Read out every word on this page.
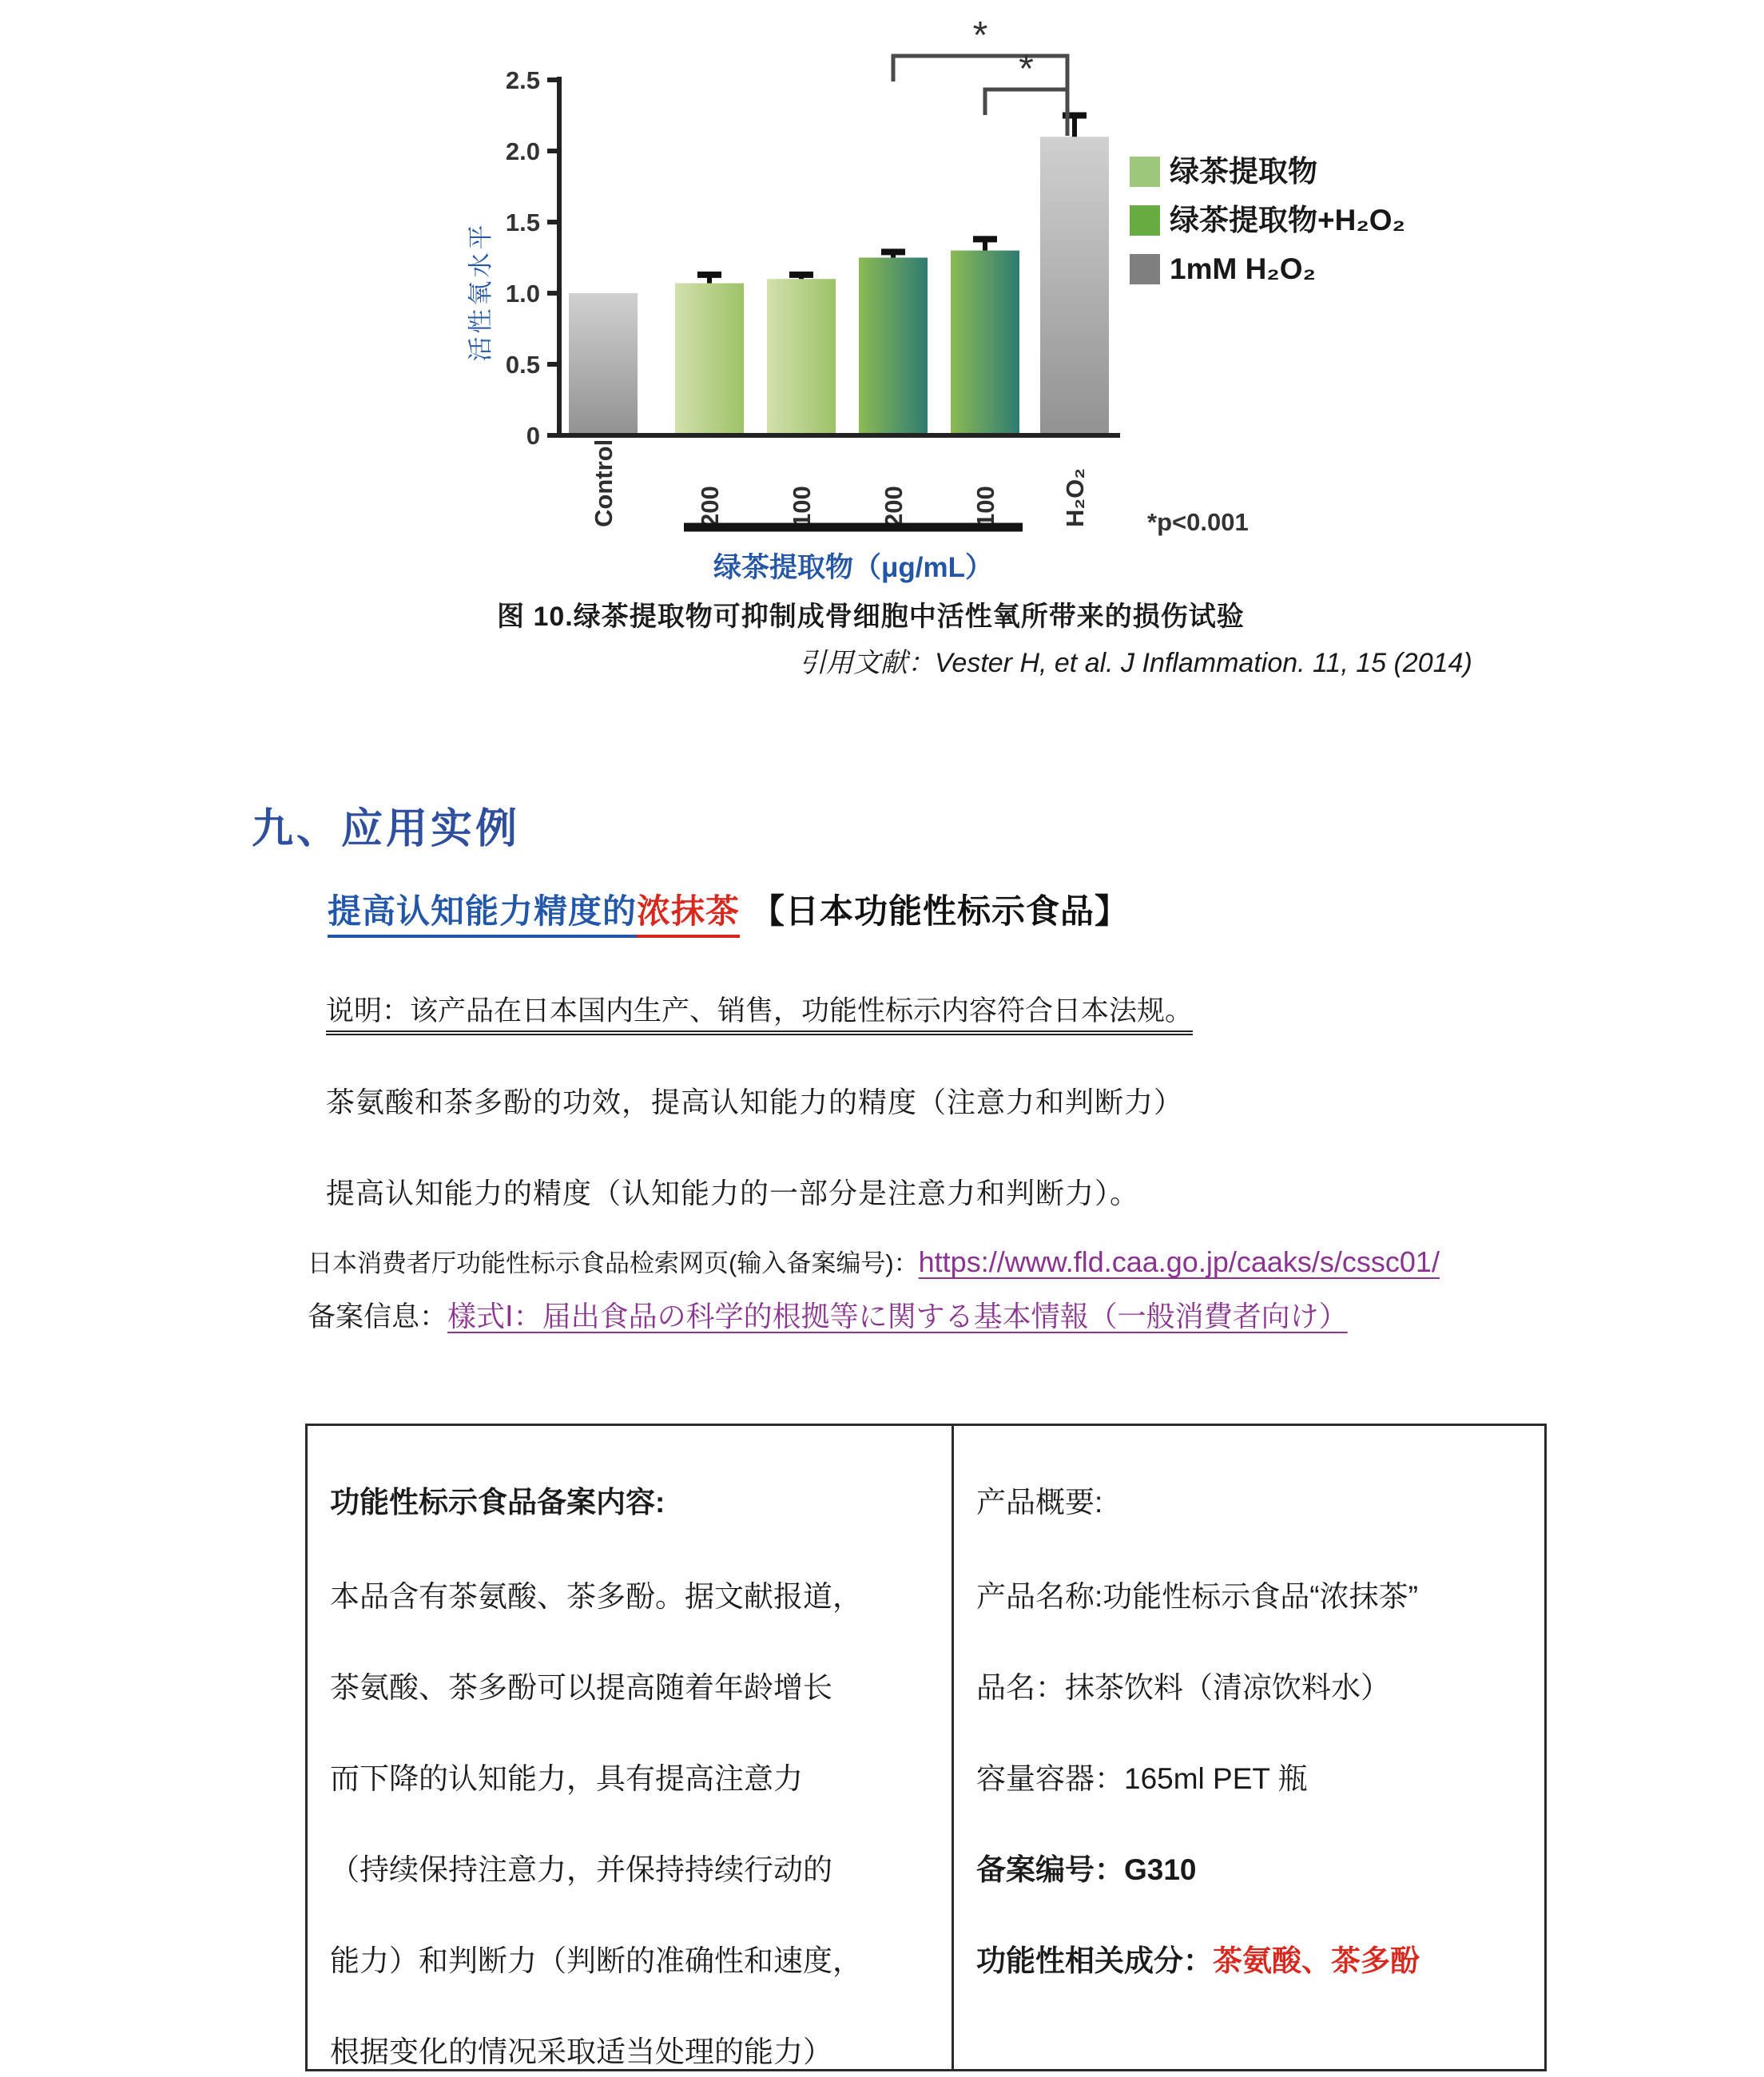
0
0.5
1.0
1.5
2.0
2.5
活性氧水平
Control	200	100	200	100 H₂O₂
绿茶提取物（μg/mL）
*
*
*p<0.001
绿茶提取物
绿茶提取物+H₂O₂
1mM H₂O₂

图 10.绿茶提取物可抑制成骨细胞中活性氧所带来的损伤试验

引用文献：Vester H, et al. J Inflammation. 11, 15 (2014)

九、应用实例

提高认知能力精度的浓抹茶 【日本功能性标示食品】

说明：该产品在日本国内生产、销售，功能性标示内容符合日本法规。

茶氨酸和茶多酚的功效，提高认知能力的精度（注意力和判断力）

提高认知能力的精度（认知能力的一部分是注意力和判断力）。

日本消费者厅功能性标示食品检索网页(输入备案编号)：https://www.fld.caa.go.jp/caaks/s/cssc01/

备案信息：樣式Ⅰ：届出食品の科学的根拠等に関する基本情報（一般消費者向け）

功能性标示食品备案内容:

本品含有茶氨酸、茶多酚。据文献报道，

茶氨酸、茶多酚可以提高随着年龄增长

而下降的认知能力，具有提高注意力

（持续保持注意力，并保持持续行动的

能力）和判断力（判断的准确性和速度，

根据变化的情况采取适当处理的能力）

产品概要:

产品名称:功能性标示食品“浓抹茶”

品名：抹茶饮料（清凉饮料水）

容量容器：165ml PET 瓶

备案编号：G310

功能性相关成分：茶氨酸、茶多酚
